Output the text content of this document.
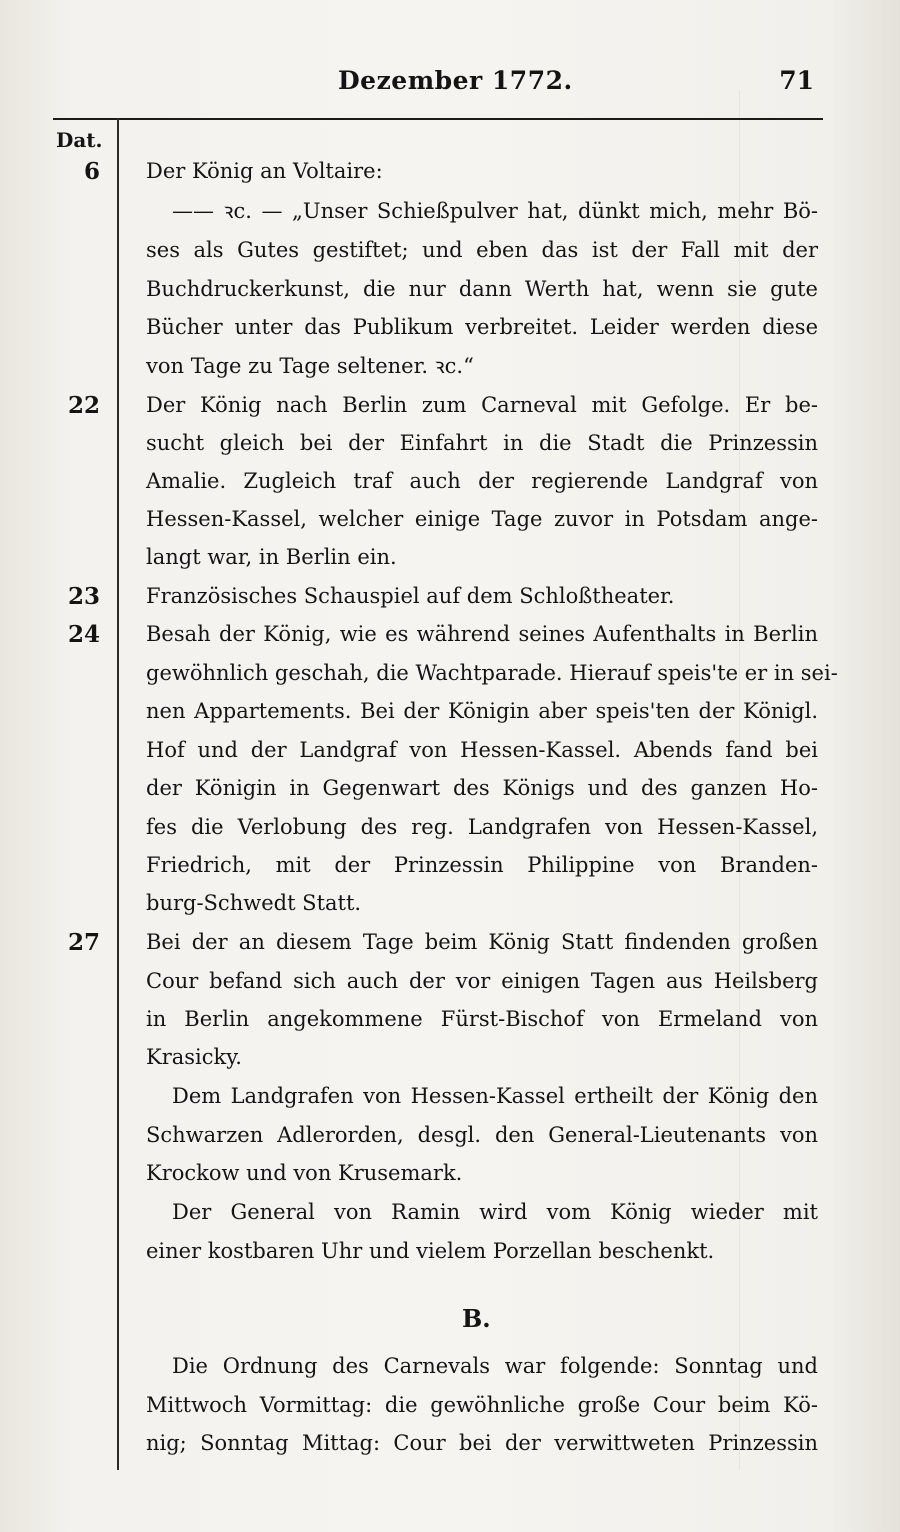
Dezember 1772.	71
Dat.
6 Der König an Voltaire:
—— ꝛc. — „Unser Schießpulver hat, dünkt mich, mehr Bö-
ses als Gutes gestiftet; und eben das ist der Fall mit der
Buchdruckerkunst, die nur dann Werth hat, wenn sie gute
Bücher unter das Publikum verbreitet. Leider werden diese
von Tage zu Tage seltener. ꝛc.“
22 Der König nach Berlin zum Carneval mit Gefolge. Er be-
sucht gleich bei der Einfahrt in die Stadt die Prinzessin
Amalie. Zugleich traf auch der regierende Landgraf von
Hessen-Kassel, welcher einige Tage zuvor in Potsdam ange-
langt war, in Berlin ein.
23 Französisches Schauspiel auf dem Schloßtheater.
24 Besah der König, wie es während seines Aufenthalts in Berlin
gewöhnlich geschah, die Wachtparade. Hierauf speis'te er in sei-
nen Appartements. Bei der Königin aber speis'ten der Königl.
Hof und der Landgraf von Hessen-Kassel. Abends fand bei
der Königin in Gegenwart des Königs und des ganzen Ho-
fes die Verlobung des reg. Landgrafen von Hessen-Kassel,
Friedrich, mit der Prinzessin Philippine von Branden-
burg-Schwedt Statt.
27 Bei der an diesem Tage beim König Statt findenden großen
Cour befand sich auch der vor einigen Tagen aus Heilsberg
in Berlin angekommene Fürst-Bischof von Ermeland von
Krasicky.
Dem Landgrafen von Hessen-Kassel ertheilt der König den
Schwarzen Adlerorden, desgl. den General-Lieutenants von
Krockow und von Krusemark.
Der General von Ramin wird vom König wieder mit
einer kostbaren Uhr und vielem Porzellan beschenkt.
B.
Die Ordnung des Carnevals war folgende: Sonntag und
Mittwoch Vormittag: die gewöhnliche große Cour beim Kö-
nig; Sonntag Mittag: Cour bei der verwittweten Prinzessin
